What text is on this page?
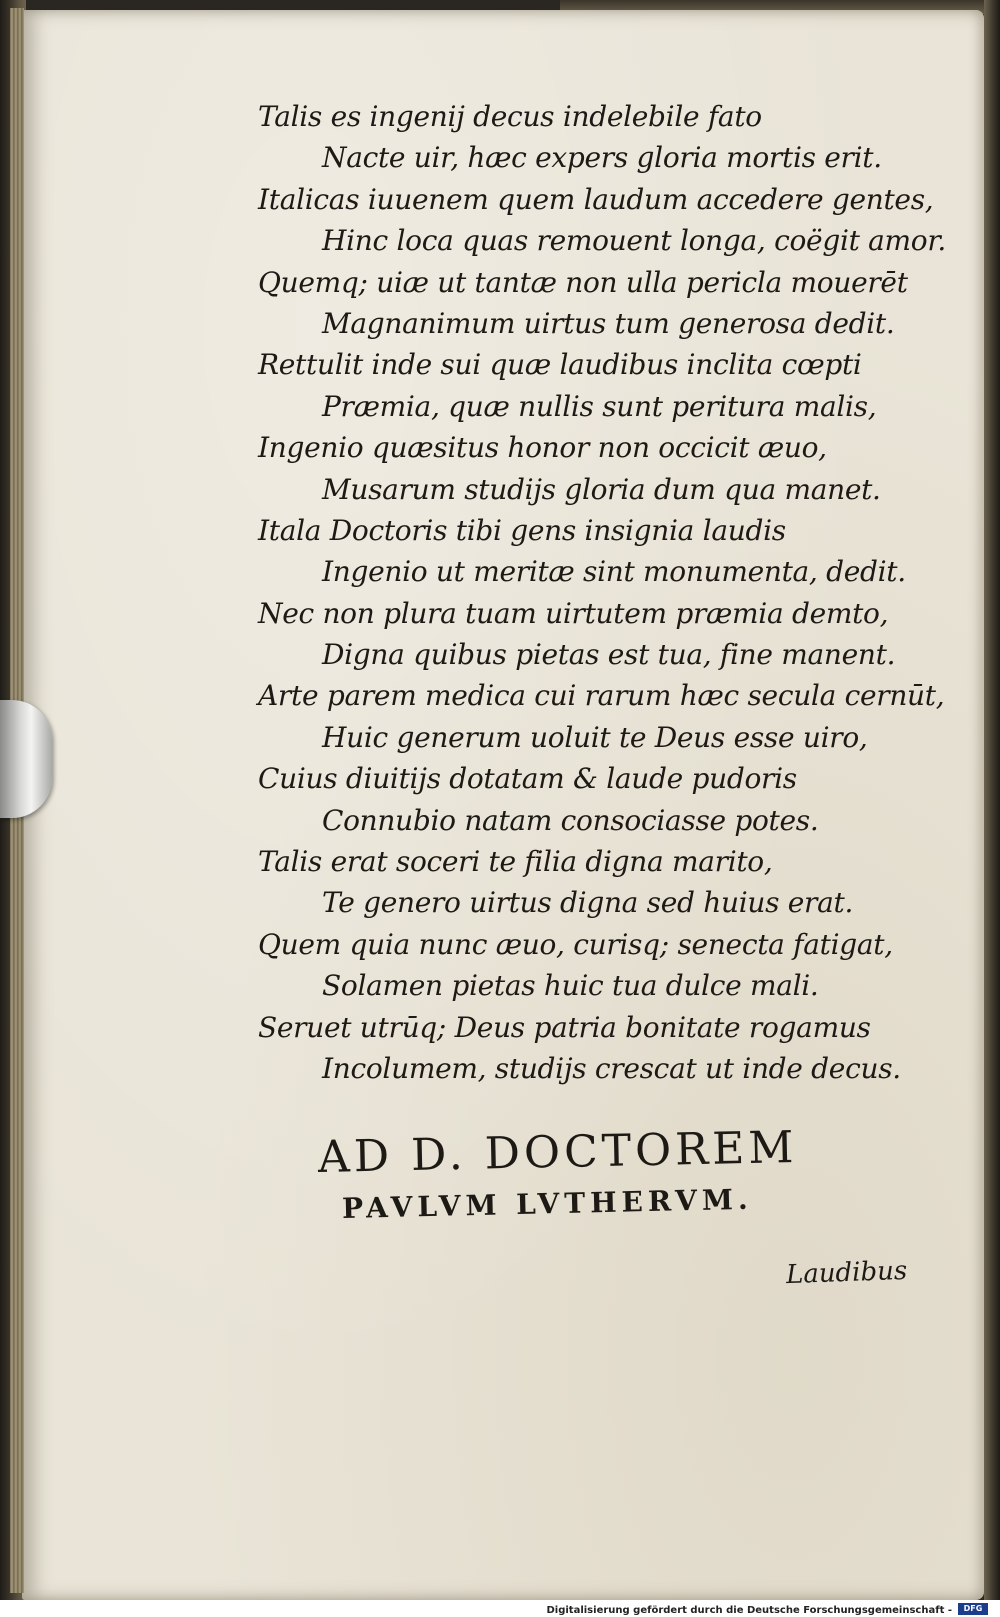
Talis es ingenij decus indelebile fato
Nacte uir, hæc expers gloria mortis erit.
Italicas iuuenem quem laudum accedere gentes,
Hinc loca quas remouent longa, coëgit amor.
Quemq; uiæ ut tantæ non ulla pericla mouerēt
Magnanimum uirtus tum generosa dedit.
Rettulit inde sui quæ laudibus inclita cœpti
Præmia, quæ nullis sunt peritura malis,
Ingenio quæsitus honor non occicit æuo,
Musarum studijs gloria dum qua manet.
Itala Doctoris tibi gens insignia laudis
Ingenio ut meritæ sint monumenta, dedit.
Nec non plura tuam uirtutem præmia demto,
Digna quibus pietas est tua, fine manent.
Arte parem medica cui rarum hæc secula cernūt,
Huic generum uoluit te Deus esse uiro,
Cuius diuitijs dotatam & laude pudoris
Connubio natam consociasse potes.
Talis erat soceri te filia digna marito,
Te genero uirtus digna sed huius erat.
Quem quia nunc æuo, curisq; senecta fatigat,
Solamen pietas huic tua dulce mali.
Seruet utrūq; Deus patria bonitate rogamus
Incolumem, studijs crescat ut inde decus.
AD D. DOCTOREM
PAVLVM LVTHERVM.
Laudibus
Digitalisierung gefördert durch die Deutsche Forschungsgemeinschaft -	DFG
